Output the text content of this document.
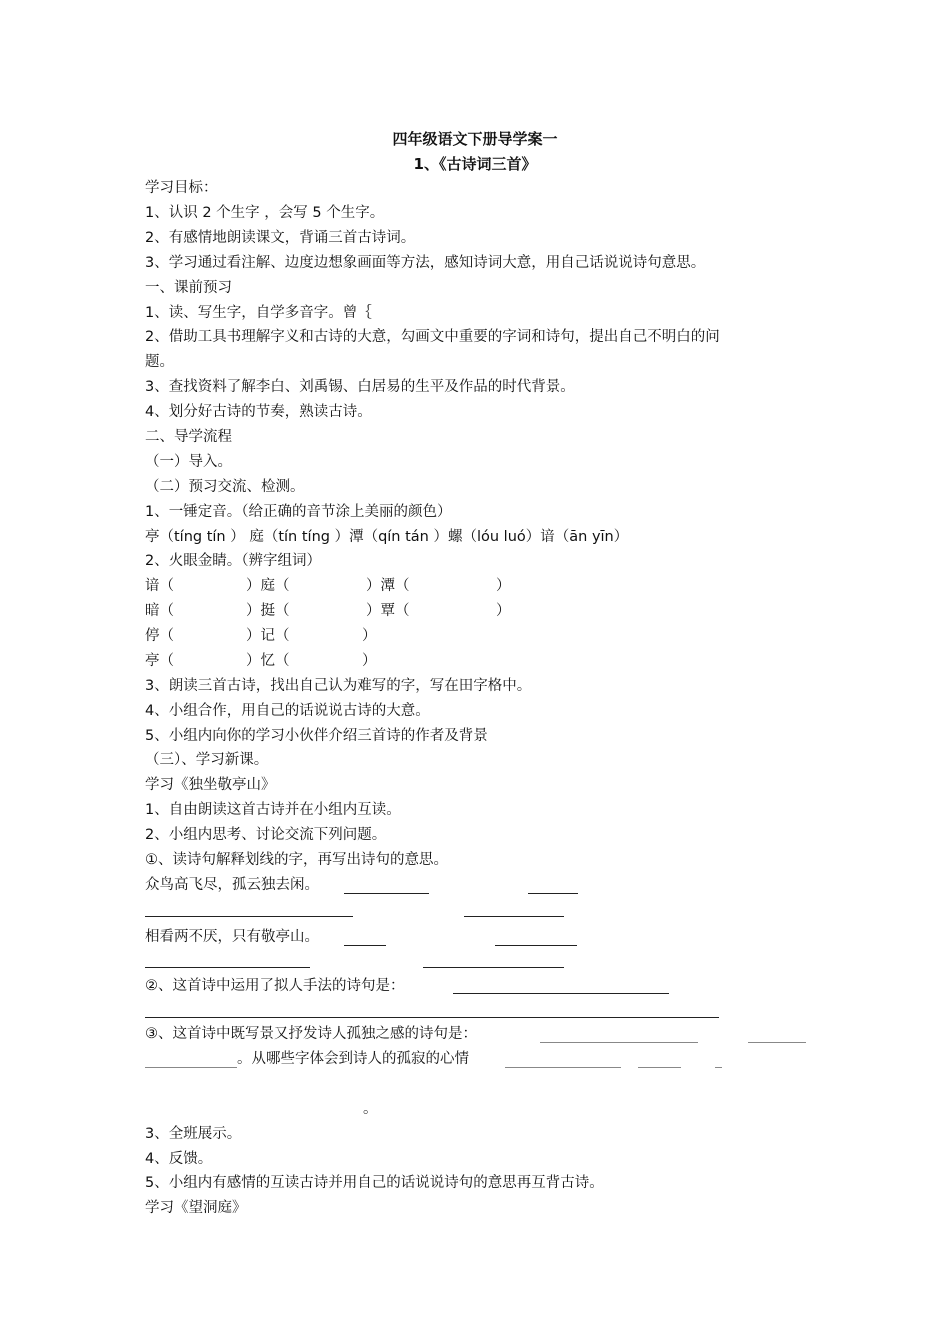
四年级语文下册导学案一
1、《古诗词三首》
学习目标：
1、认识 2 个生字 ，会写 5 个生字。
2、有感情地朗读课文，背诵三首古诗词。
3、学习通过看注解、边度边想象画面等方法，感知诗词大意，用自己话说说诗句意思。
一、课前预习
1、读、写生字，自学多音字。曾｛
2、借助工具书理解字义和古诗的大意，勾画文中重要的字词和诗句，提出自己不明白的问
题。
3、查找资料了解李白、刘禹锡、白居易的生平及作品的时代背景。
4、划分好古诗的节奏，熟读古诗。
二、导学流程
（一）导入。
（二）预习交流、检测。
1、一锤定音。（给正确的音节涂上美丽的颜色）
亭（tíng tín ） 庭（tín tíng ）潭（qín tán ）螺（lóu luó）谙（ān yīn）
2、火眼金睛。（辨字组词）
谙（	）庭（	）潭（	）
暗（	）挺（	）覃（	）
停（	）记（	）
亭（	）忆（	）
3、朗读三首古诗，找出自己认为难写的字，写在田字格中。
4、小组合作，用自己的话说说古诗的大意。
5、小组内向你的学习小伙伴介绍三首诗的作者及背景
（三）、学习新课。
学习《独坐敬亭山》
1、自由朗读这首古诗并在小组内互读。
2、小组内思考、讨论交流下列问题。
①、读诗句解释划线的字，再写出诗句的意思。
众鸟高飞尽，孤云独去闲。
相看两不厌，只有敬亭山。
②、这首诗中运用了拟人手法的诗句是：
③、这首诗中既写景又抒发诗人孤独之感的诗句是：
。从哪些字体会到诗人的孤寂的心情
。
3、全班展示。
4、反馈。
5、小组内有感情的互读古诗并用自己的话说说诗句的意思再互背古诗。
学习《望洞庭》
